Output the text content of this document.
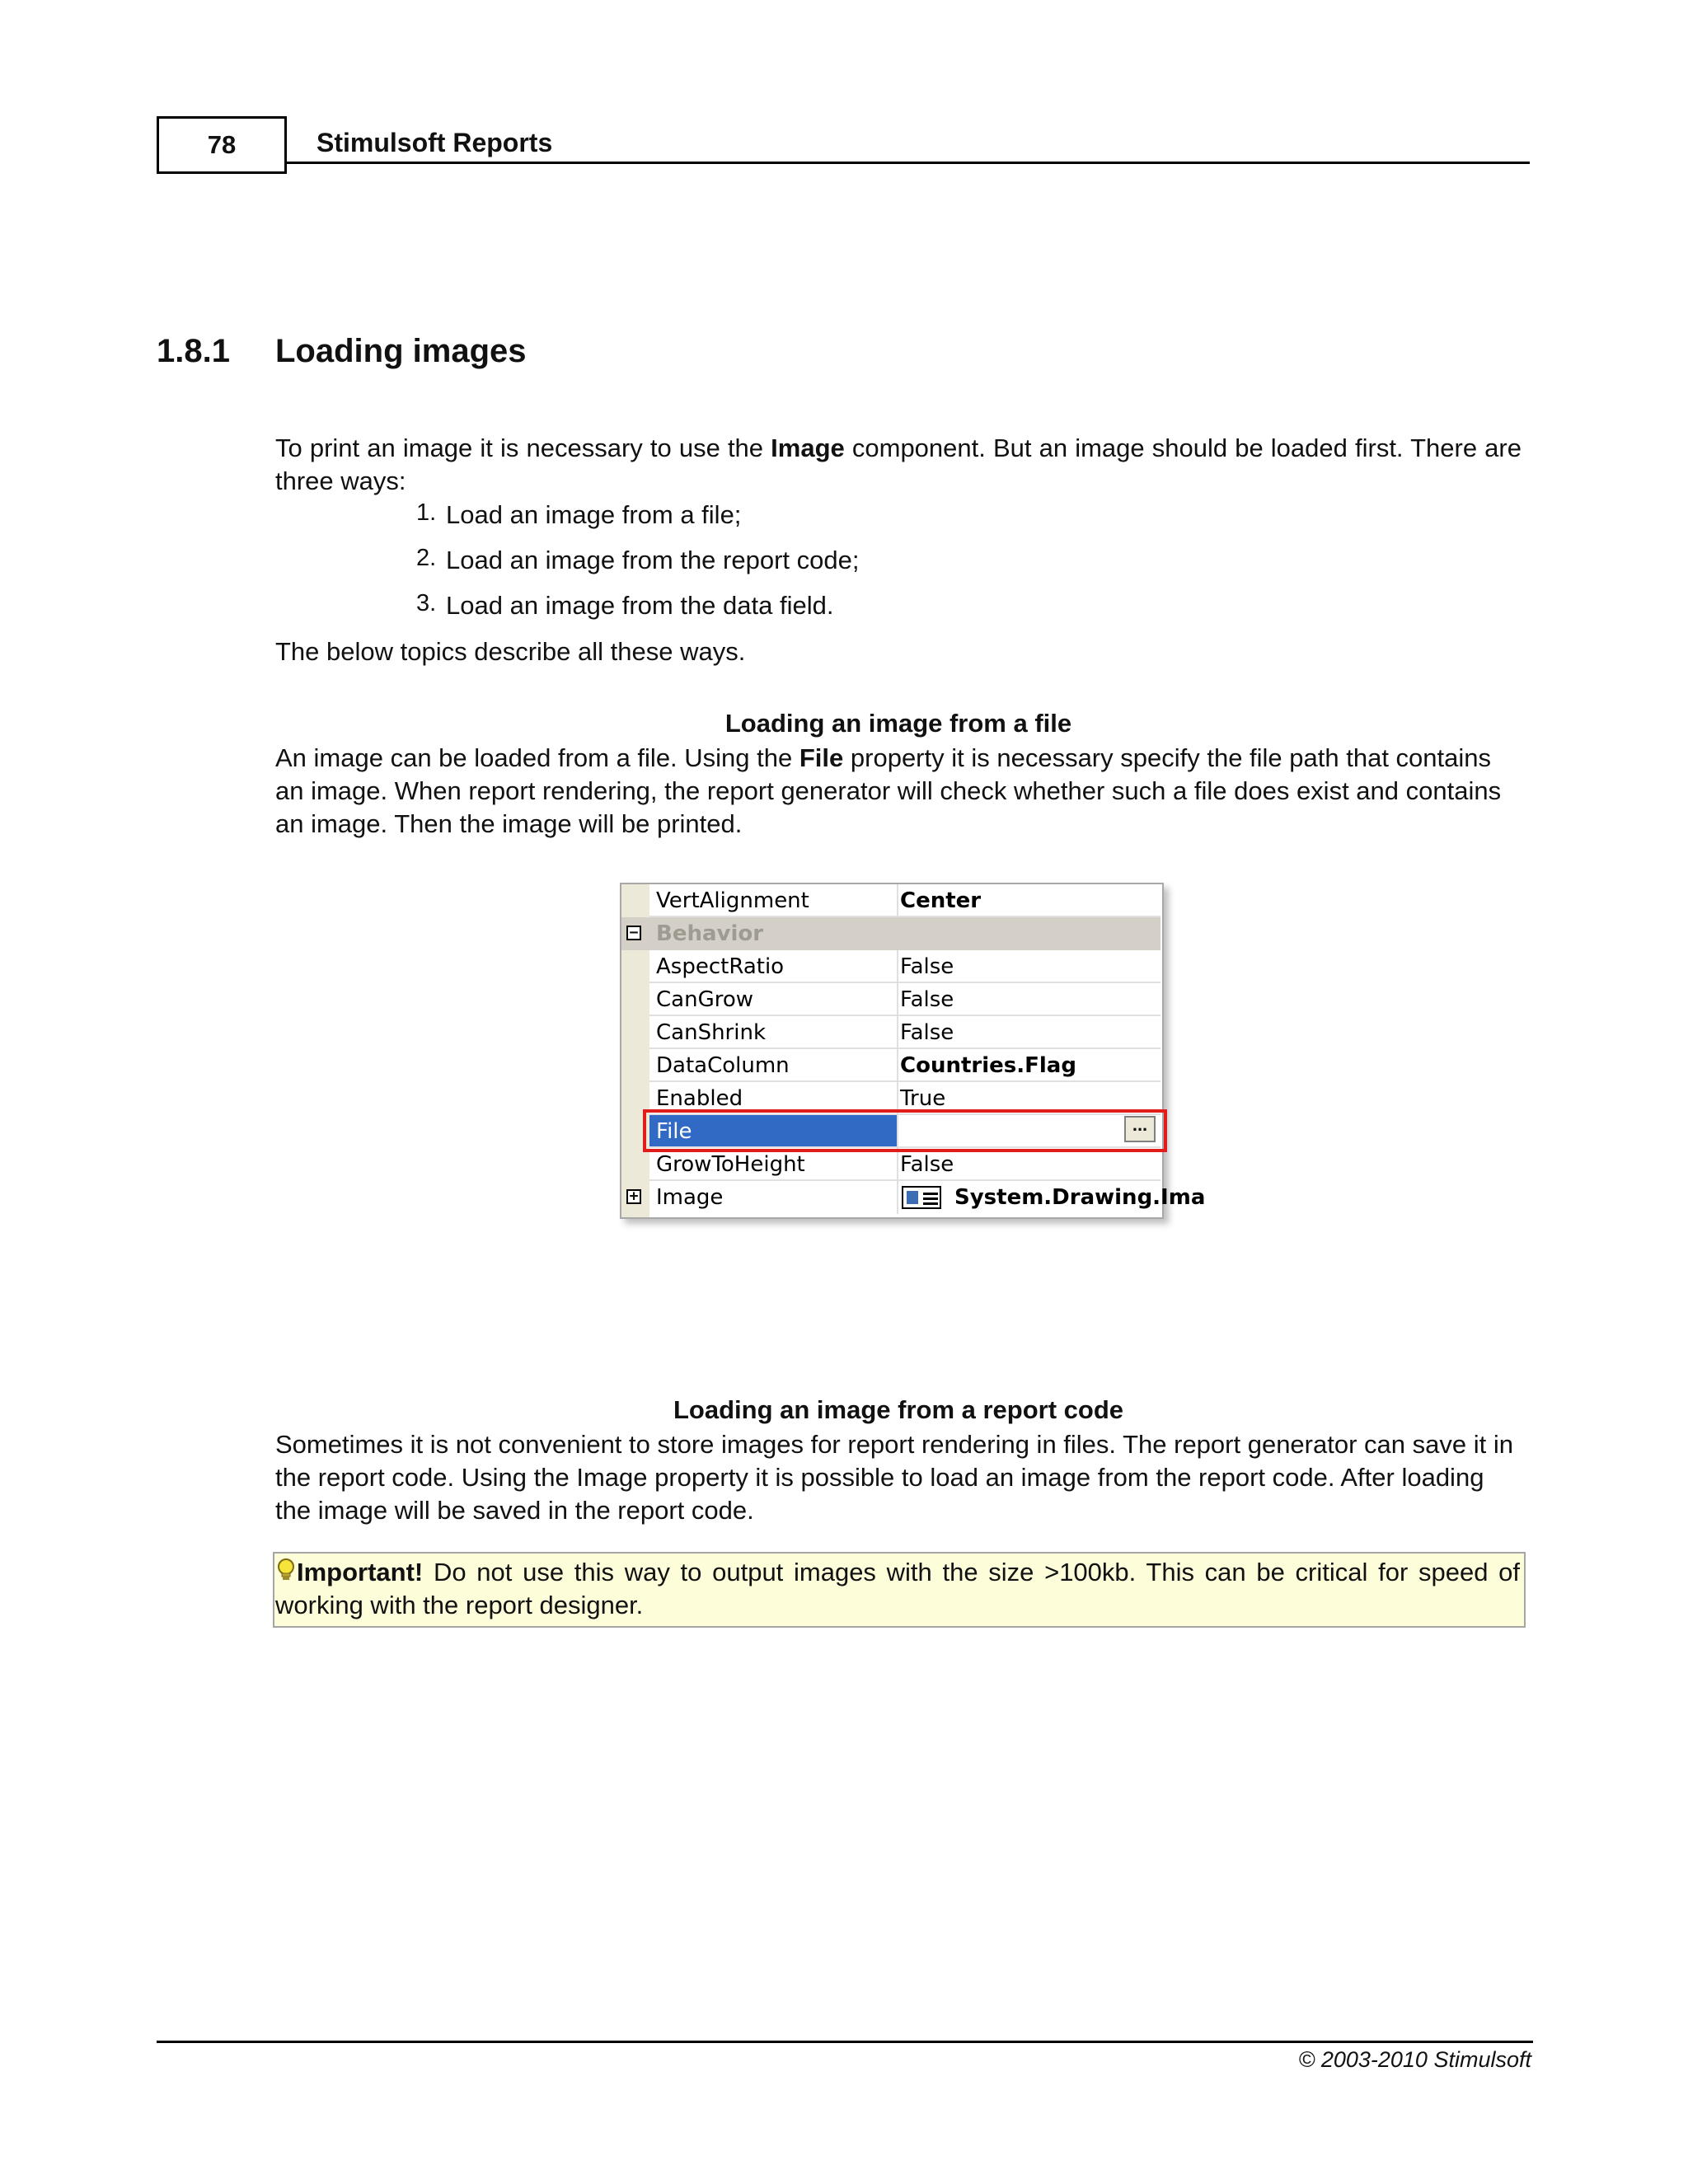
78	Stimulsoft Reports
1.8.1 Loading images
To print an image it is necessary to use the Image component. But an image should be loaded first. There are three ways:
1. Load an image from a file;
2. Load an image from the report code;
3. Load an image from the data field.
The below topics describe all these ways.
Loading an image from a file
An image can be loaded from a file. Using the File property it is necessary specify the file path that contains an image. When report rendering, the report generator will check whether such a file does exist and contains an image. Then the image will be printed.
VertAlignment	Center
− Behavior
AspectRatio	False
CanGrow	False
CanShrink	False
DataColumn	Countries.Flag
Enabled	True
File
GrowToHeight	False
Image	System.Drawing.Ima
+
...
Loading an image from a report code
Sometimes it is not convenient to store images for report rendering in files. The report generator can save it in the report code. Using the Image property it is possible to load an image from the report code. After loading the image will be saved in the report code.
Important! Do not use this way to output images with the size >100kb. This can be critical for speed of working with the report designer.
© 2003-2010 Stimulsoft
